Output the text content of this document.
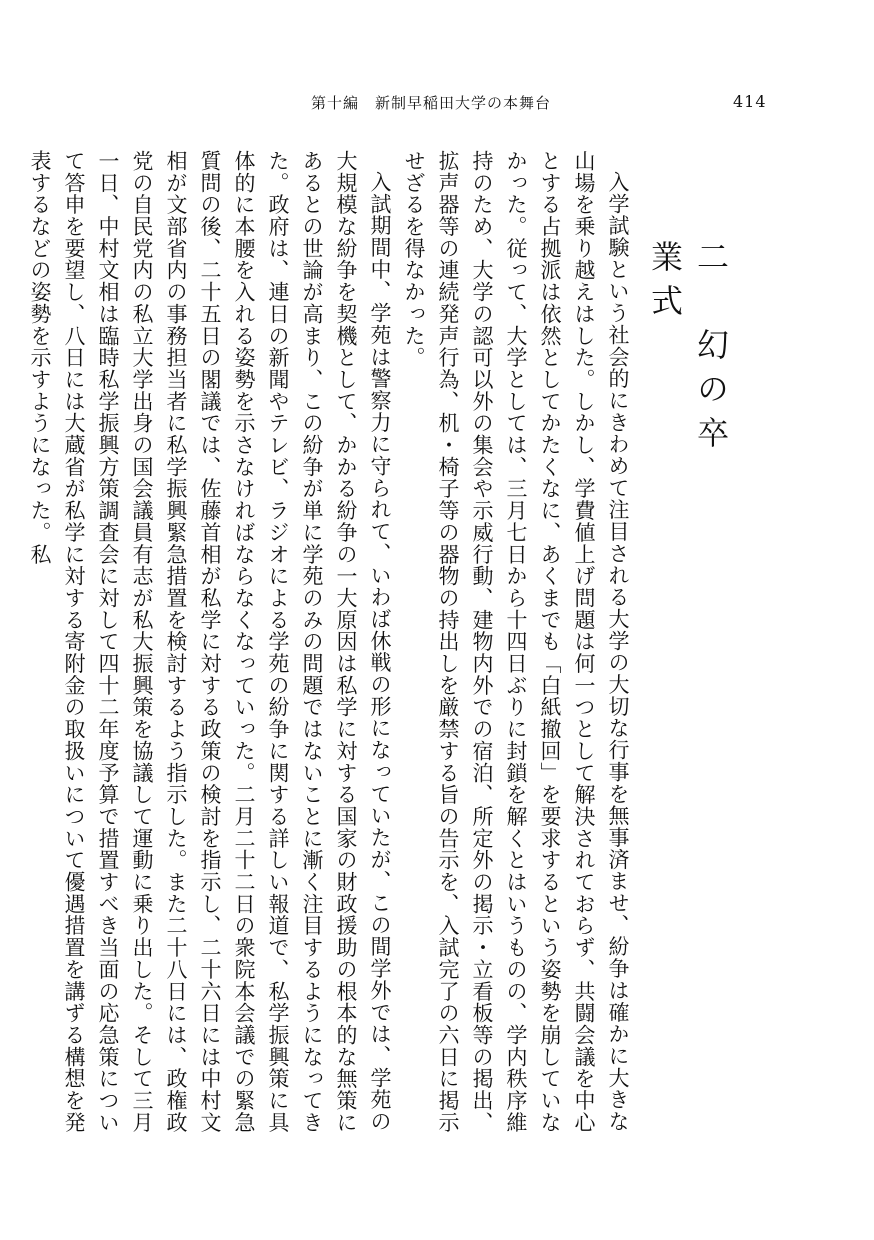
第十編　新制早稲田大学の本舞台	414
二　幻の卒業式

入学試験という社会的にきわめて注目される大学の大切な行事を無事済ませ、紛争は確かに大きな山場を乗り越えはした。しかし、学費値上げ問題は何一つとして解決されておらず、共闘会議を中心とする占拠派は依然としてかたくなに、あくまでも「白紙撤回」を要求するという姿勢を崩していなかった。従って、大学としては、三月七日から十四日ぶりに封鎖を解くとはいうものの、学内秩序維持のため、大学の認可以外の集会や示威行動、建物内外での宿泊、所定外の掲示・立看板等の掲出、拡声器等の連続発声行為、机・椅子等の器物の持出しを厳禁する旨の告示を、入試完了の六日に掲示せざるを得なかった。

入試期間中、学苑は警察力に守られて、いわば休戦の形になっていたが、この間学外では、学苑の大規模な紛争を契機として、かかる紛争の一大原因は私学に対する国家の財政援助の根本的な無策にあるとの世論が高まり、この紛争が単に学苑のみの問題ではないことに漸く注目するようになってきた。政府は、連日の新聞やテレビ、ラジオによる学苑の紛争に関する詳しい報道で、私学振興策に具体的に本腰を入れる姿勢を示さなければならなくなっていった。二月二十二日の衆院本会議での緊急質問の後、二十五日の閣議では、佐藤首相が私学に対する政策の検討を指示し、二十六日には中村文相が文部省内の事務担当者に私学振興緊急措置を検討するよう指示した。また二十八日には、政権政党の自民党内の私立大学出身の国会議員有志が私大振興策を協議して運動に乗り出した。そして三月一日、中村文相は臨時私学振興方策調査会に対して四十二年度予算で措置すべき当面の応急策について答申を要望し、八日には大蔵省が私学に対する寄附金の取扱いについて優遇措置を講ずる構想を発表するなどの姿勢を示すようになった。私
